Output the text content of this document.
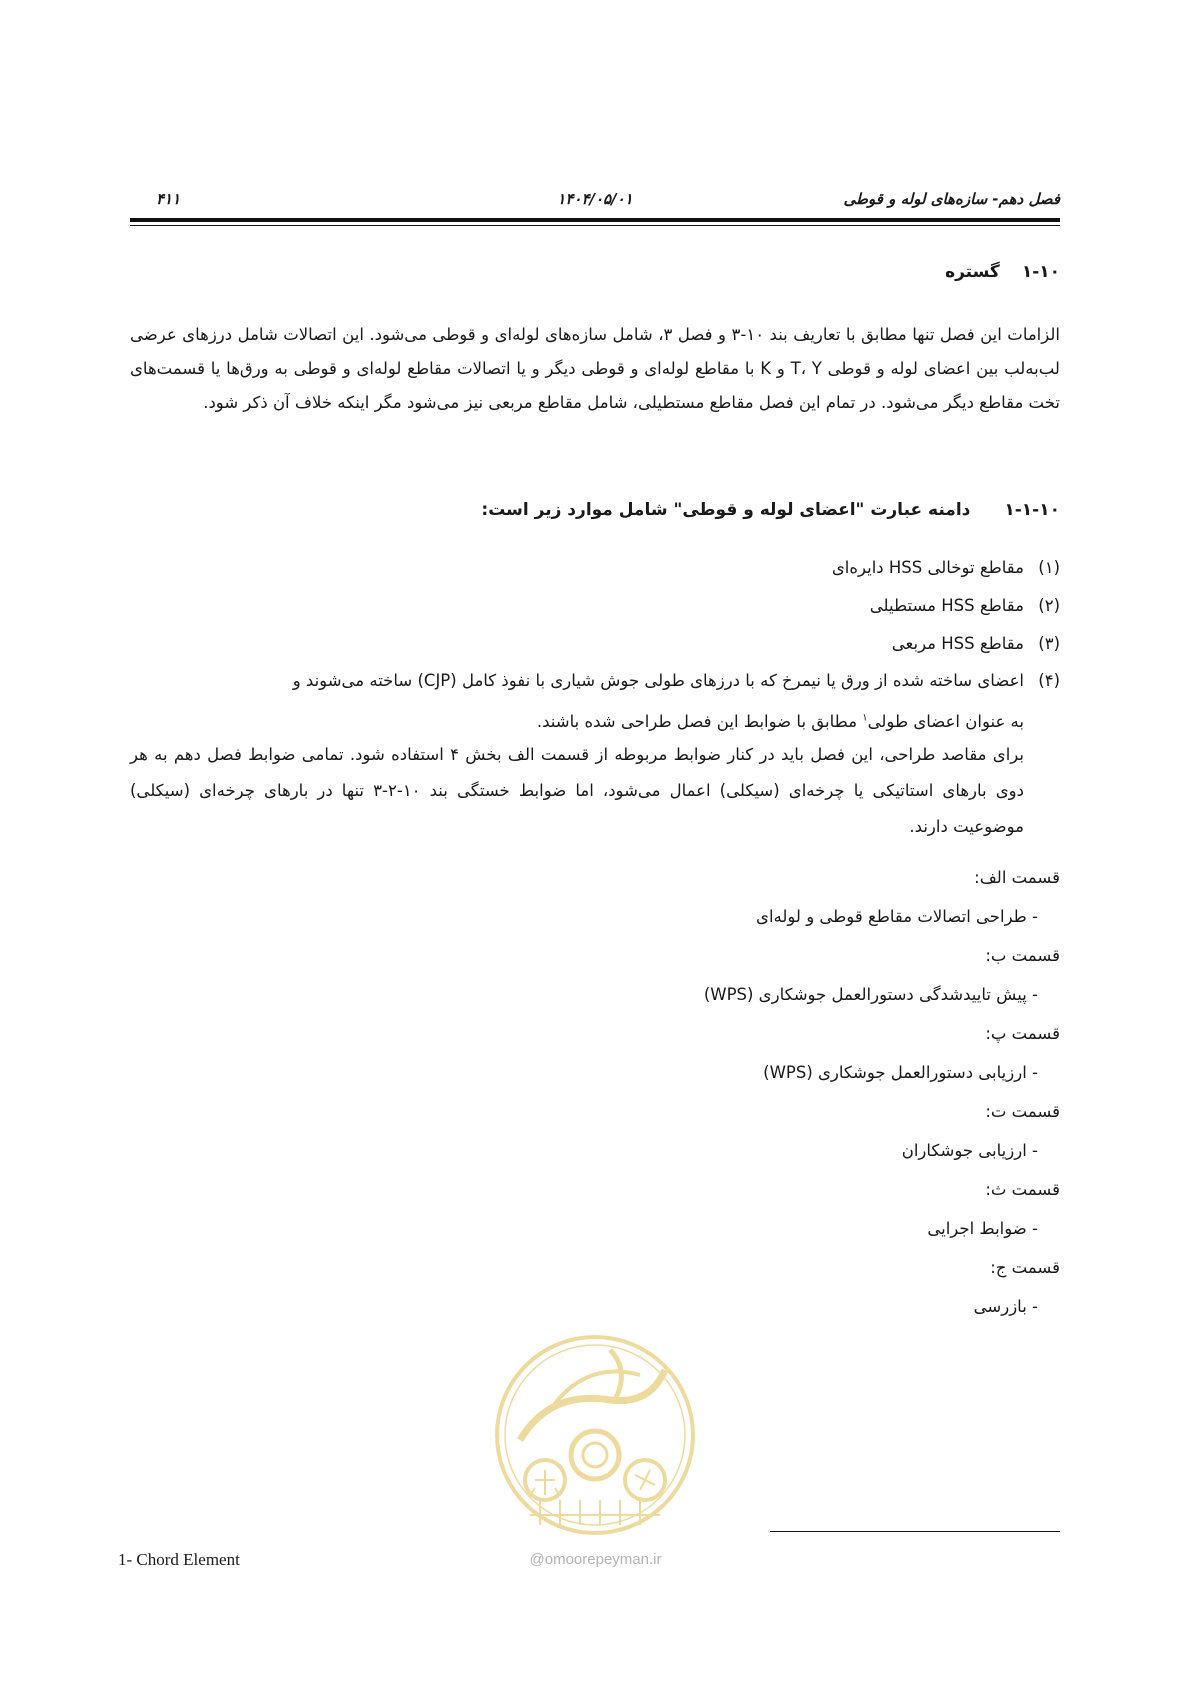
فصل دهم- سازه‌های لوله و قوطی
۱۴۰۴/۰۵/۰۱
۴۱۱
۱-۱۰گستره
الزامات این فصل تنها مطابق با تعاریف بند ۱۰-۳ و فصل ۳، شامل سازه‌های لوله‌ای و قوطی می‌شود. این اتصالات شامل درزهای عرضی لب‌به‌لب بین اعضای لوله و قوطی T، Y و K با مقاطع لوله‌ای و قوطی دیگر و یا اتصالات مقاطع لوله‌ای و قوطی به ورق‌ها یا قسمت‌های تخت مقاطع دیگر می‌شود. در تمام این فصل مقاطع مستطیلی، شامل مقاطع مربعی نیز می‌شود مگر اینکه خلاف آن ذکر شود.
۱-۱-۱۰دامنه عبارت "اعضای لوله و قوطی" شامل موارد زیر است:
(۱)مقاطع توخالی HSS دایره‌ای
(۲)مقاطع HSS مستطیلی
(۳)مقاطع HSS مربعی
(۴)اعضای ساخته شده از ورق یا نیمرخ که با درزهای طولی جوش شیاری با نفوذ کامل (CJP) ساخته می‌شوند و
به عنوان اعضای طولی$^۱$ مطابق با ضوابط این فصل طراحی شده باشند.
برای مقاصد طراحی، این فصل باید در کنار ضوابط مربوطه از قسمت الف بخش ۴ استفاده شود. تمامی ضوابط فصل دهم به هر دوی بارهای استاتیکی یا چرخه‌ای (سیکلی) اعمال می‌شود، اما ضوابط خستگی بند ۱۰-۲-۳ تنها در بارهای چرخه‌ای (سیکلی) موضوعیت دارند.
قسمت الف:
- طراحی اتصالات مقاطع قوطی و لوله‌ای
قسمت ب:
- پیش تاییدشدگی دستورالعمل جوشکاری (WPS)
قسمت پ:
- ارزیابی دستورالعمل جوشکاری (WPS)
قسمت ت:
- ارزیابی جوشکاران
قسمت ث:
- ضوابط اجرایی
قسمت ج:
- بازرسی
@omoorepeyman.ir
1- Chord Element
